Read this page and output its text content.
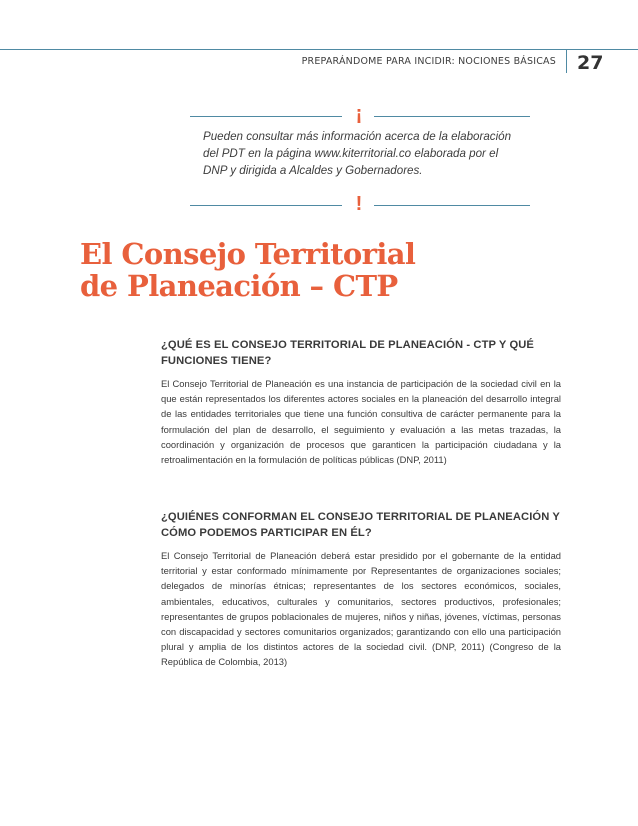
PREPARÁNDOME PARA INCIDIR: NOCIONES BÁSICAS 27
¡
Pueden consultar más información acerca de la elaboración del PDT en la página www.kiterritorial.co elaborada por el DNP y dirigida a Alcaldes y Gobernadores.
!
El Consejo Territorial
de Planeación – CTP
¿QUÉ ES EL CONSEJO TERRITORIAL DE PLANEACIÓN - CTP Y QUÉ FUNCIONES TIENE?

El Consejo Territorial de Planeación es una instancia de participación de la sociedad civil en la que están representados los diferentes actores sociales en la planeación del desarrollo integral de las entidades territoriales que tiene una función consultiva de carácter permanente para la formulación del plan de desarrollo, el seguimiento y evaluación a las metas trazadas, la coordinación y organización de procesos que garanticen la participación ciudadana y la retroalimentación en la formulación de políticas públicas (DNP, 2011)

¿QUIÉNES CONFORMAN EL CONSEJO TERRITORIAL DE PLANEACIÓN Y CÓMO PODEMOS PARTICIPAR EN ÉL?

El Consejo Territorial de Planeación deberá estar presidido por el gobernante de la entidad territorial y estar conformado mínimamente por Representantes de organizaciones sociales; delegados de minorías étnicas; representantes de los sectores económicos, sociales, ambientales, educativos, culturales y comunitarios, sectores productivos, profesionales; representantes de grupos poblacionales de mujeres, niños y niñas, jóvenes, víctimas, personas con discapacidad y sectores comunitarios organizados; garantizando con ello una participación plural y amplia de los distintos actores de la sociedad civil. (DNP, 2011) (Congreso de la República de Colombia, 2013)
